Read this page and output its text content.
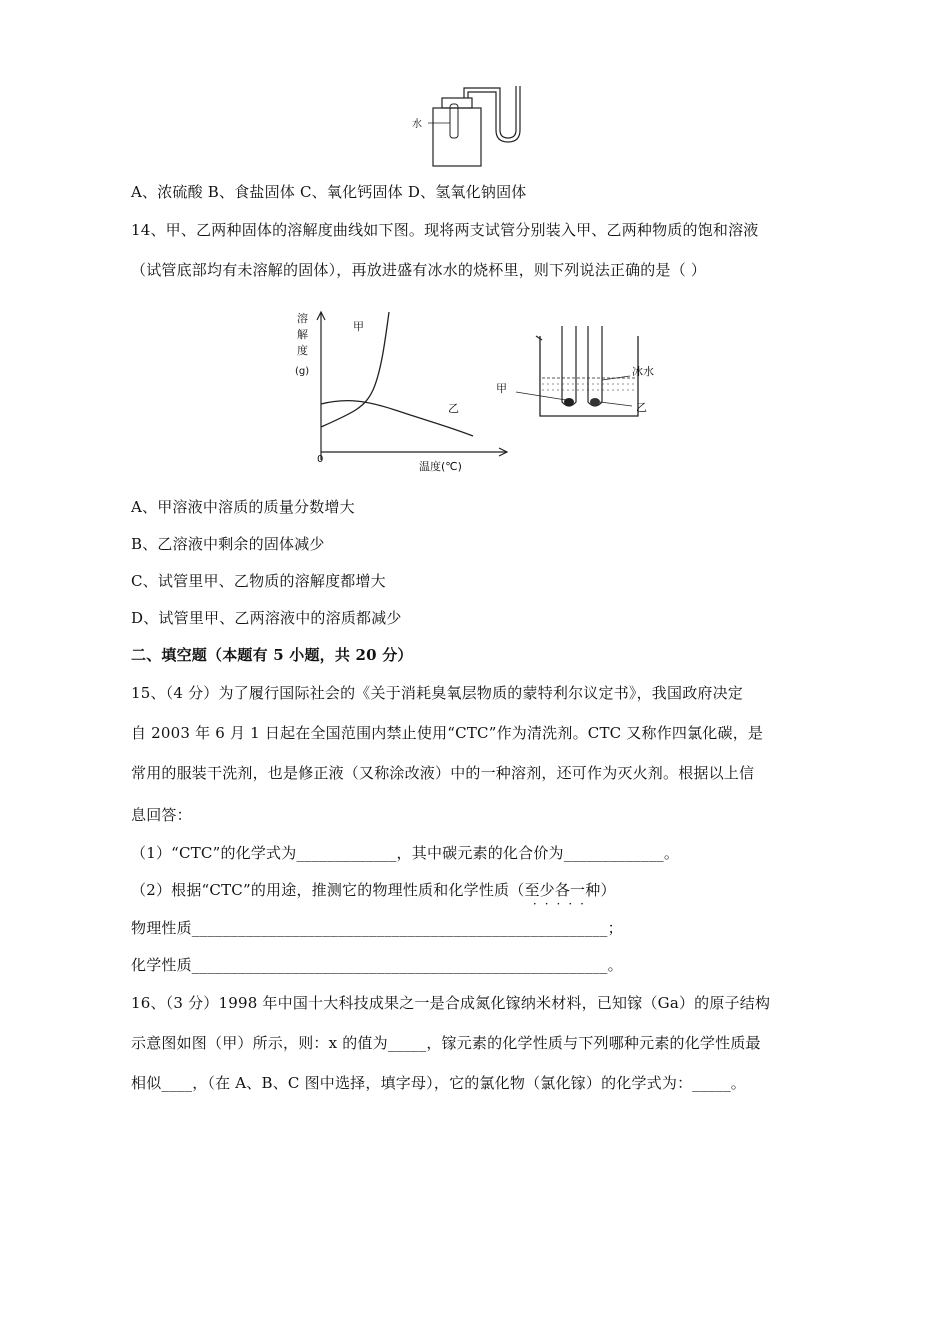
水
A、浓硫酸 B、食盐固体 C、氧化钙固体 D、氢氧化钠固体
14、甲、乙两种固体的溶解度曲线如下图。现将两支试管分别装入甲、乙两种物质的饱和溶液
（试管底部均有未溶解的固体），再放进盛有冰水的烧杯里，则下列说法正确的是（ ）
溶
解
度
(g)
甲
乙
0
温度(℃)
甲
冰水
乙
A、甲溶液中溶质的质量分数增大
B、乙溶液中剩余的固体减少
C、试管里甲、乙物质的溶解度都增大
D、试管里甲、乙两溶液中的溶质都减少
二、填空题（本题有 5 小题，共 20 分）
15、（4 分）为了履行国际社会的《关于消耗臭氧层物质的蒙特利尔议定书》，我国政府决定
自 2003 年 6 月 1 日起在全国范围内禁止使用“CTC”作为清洗剂。CTC 又称作四氯化碳，是
常用的服装干洗剂，也是修正液（又称涂改液）中的一种溶剂，还可作为灭火剂。根据以上信
息回答：
（1）“CTC”的化学式为_____________，其中碳元素的化合价为_____________。
（2）根据“CTC”的用途，推测它的物理性质和化学性质（至少各一种
·····
）
物理性质______________________________________________________；
化学性质______________________________________________________。
16、（3 分）1998 年中国十大科技成果之一是合成氮化镓纳米材料，已知镓（Ga）的原子结构
示意图如图（甲）所示，则：x 的值为_____，镓元素的化学性质与下列哪种元素的化学性质最
相似____，（在 A、B、C 图中选择，填字母），它的氯化物（氯化镓）的化学式为：_____。
